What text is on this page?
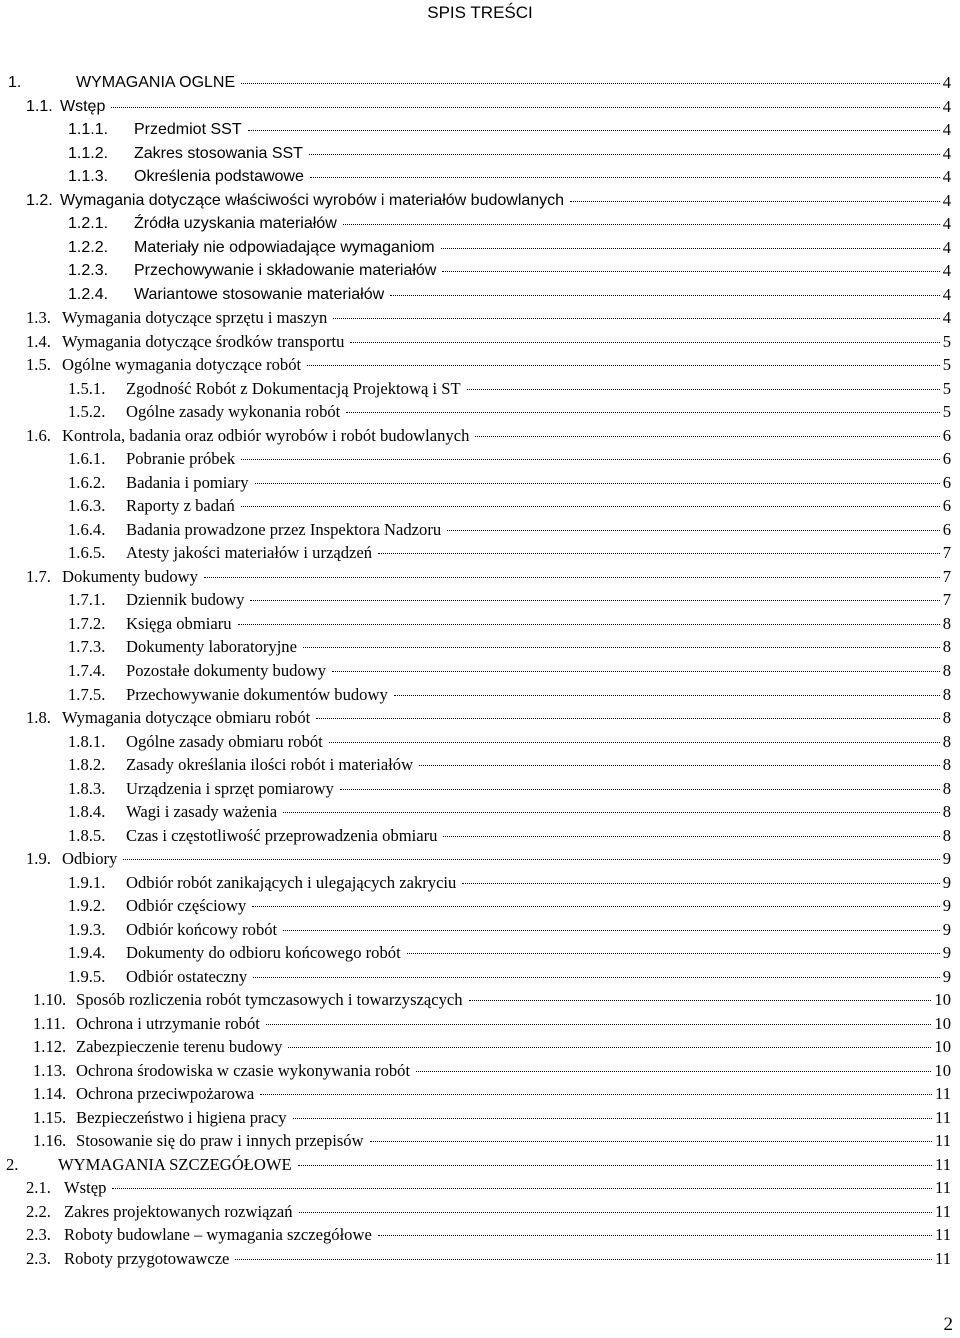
SPIS TREŚCI
1.	WYMAGANIA OGLNE	4
1.1. Wstęp	4
1.1.1. Przedmiot SST	4
1.1.2. Zakres stosowania SST	4
1.1.3. Określenia podstawowe	4
1.2. Wymagania dotyczące właściwości wyrobów i materiałów budowlanych	4
1.2.1. Źródła uzyskania materiałów	4
1.2.2. Materiały nie odpowiadające wymaganiom	4
1.2.3. Przechowywanie i składowanie materiałów	4
1.2.4. Wariantowe stosowanie materiałów	4
1.3. Wymagania dotyczące sprzętu i maszyn	4
1.4. Wymagania dotyczące środków transportu	5
1.5. Ogólne wymagania dotyczące robót	5
1.5.1. Zgodność Robót z Dokumentacją Projektową i ST	5
1.5.2. Ogólne zasady wykonania robót	5
1.6. Kontrola, badania oraz odbiór wyrobów i robót budowlanych	6
1.6.1. Pobranie próbek	6
1.6.2. Badania i pomiary	6
1.6.3. Raporty z badań	6
1.6.4. Badania prowadzone przez Inspektora Nadzoru	6
1.6.5. Atesty jakości materiałów i urządzeń	7
1.7. Dokumenty budowy	7
1.7.1. Dziennik budowy	7
1.7.2. Księga obmiaru	8
1.7.3. Dokumenty laboratoryjne	8
1.7.4. Pozostałe dokumenty budowy	8
1.7.5. Przechowywanie dokumentów budowy	8
1.8. Wymagania dotyczące obmiaru robót	8
1.8.1. Ogólne zasady obmiaru robót	8
1.8.2. Zasady określania ilości robót i materiałów	8
1.8.3. Urządzenia i sprzęt pomiarowy	8
1.8.4. Wagi i zasady ważenia	8
1.8.5. Czas i częstotliwość przeprowadzenia obmiaru	8
1.9. Odbiory	9
1.9.1. Odbiór robót zanikających i ulegających zakryciu	9
1.9.2. Odbiór częściowy	9
1.9.3. Odbiór końcowy robót	9
1.9.4. Dokumenty do odbioru końcowego robót	9
1.9.5. Odbiór ostateczny	9
1.10. Sposób rozliczenia robót tymczasowych i towarzyszących	10
1.11. Ochrona i utrzymanie robót	10
1.12. Zabezpieczenie terenu budowy	10
1.13. Ochrona środowiska w czasie wykonywania robót	10
1.14. Ochrona przeciwpożarowa	11
1.15. Bezpieczeństwo i higiena pracy	11
1.16. Stosowanie się do praw i innych przepisów	11
2. WYMAGANIA SZCZEGÓŁOWE	11
2.1. Wstęp	11
2.2. Zakres projektowanych rozwiązań	11
2.3. Roboty budowlane – wymagania szczegółowe	11
2.3. Roboty przygotowawcze	11
2
